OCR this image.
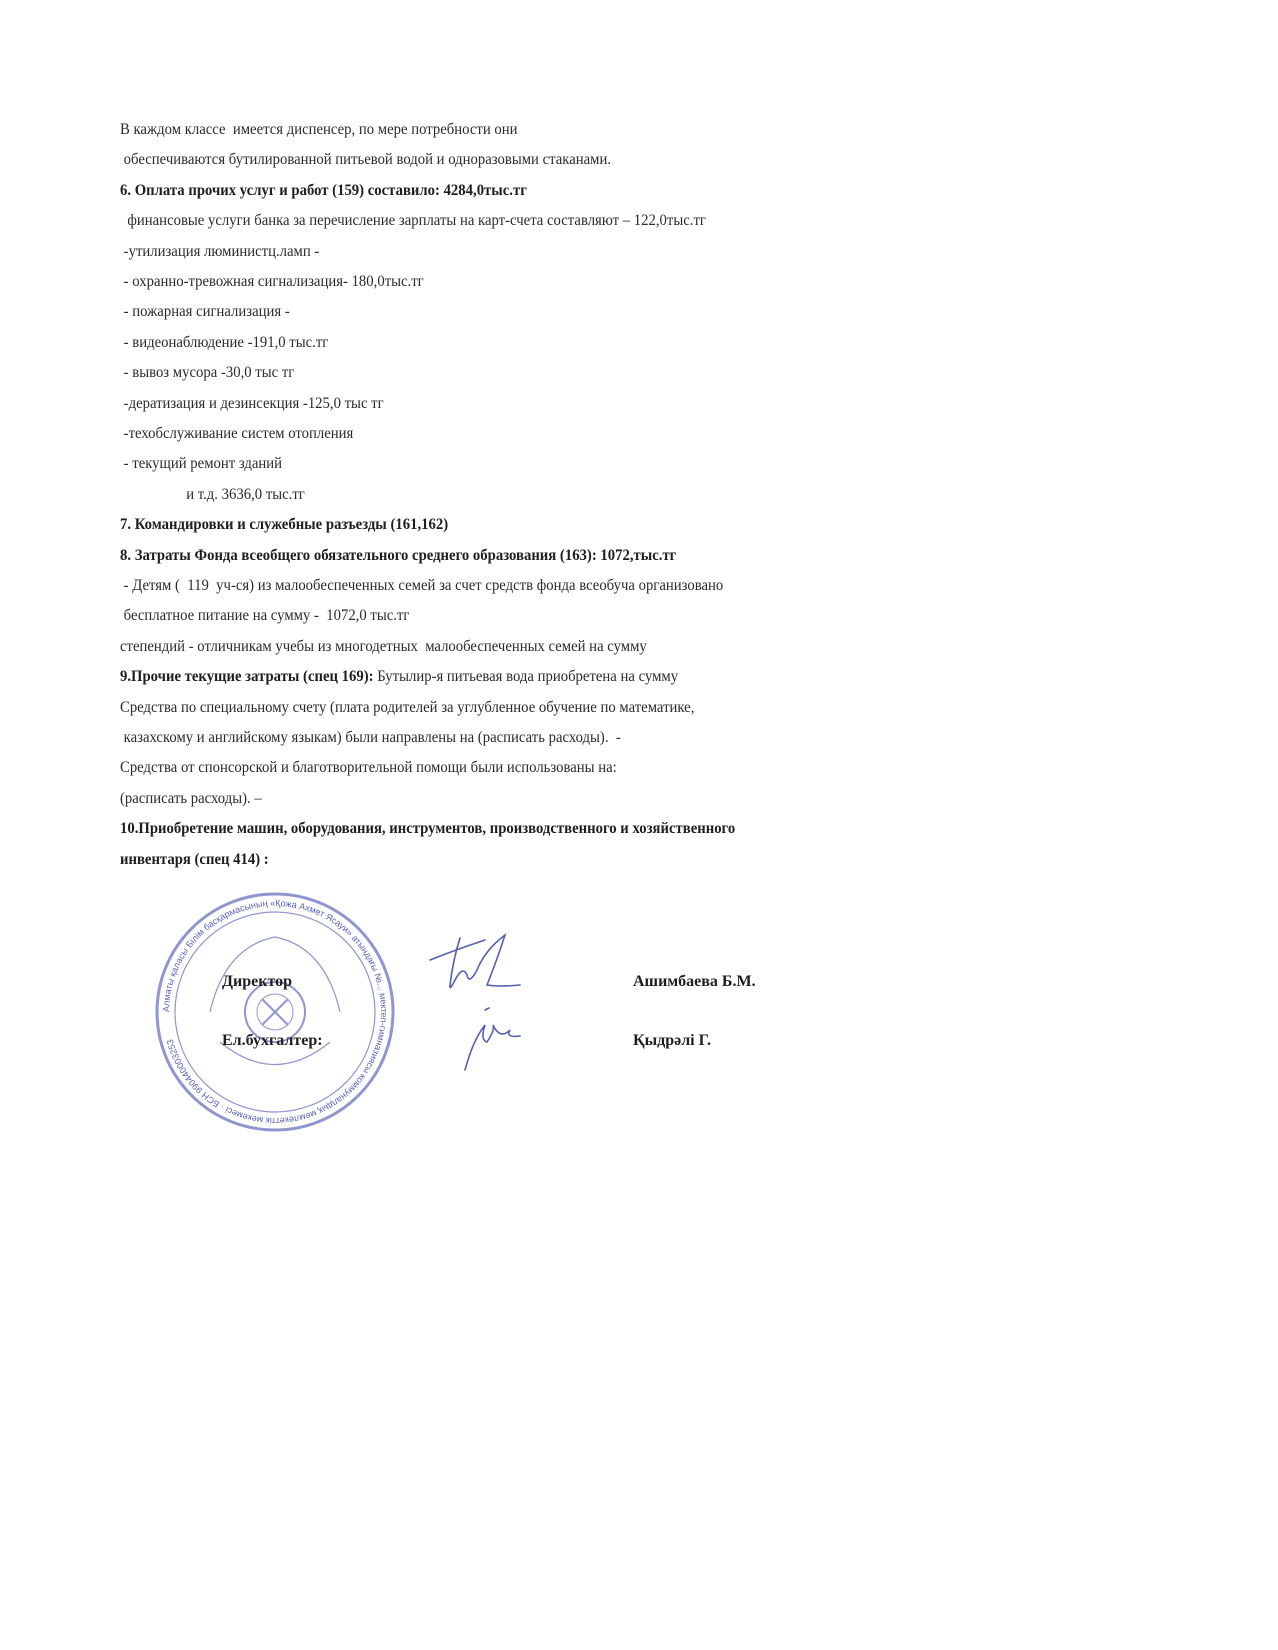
В каждом классе  имеется диспенсер, по мере потребности они
обеспечиваются бутилированной питьевой водой и одноразовыми стаканами.
6. Оплата прочих услуг и работ (159) составило: 4284,0тыс.тг
финансовые услуги банка за перечисление зарплаты на карт-счета составляют – 122,0тыс.тг
-утилизация люминистц.ламп -
- охранно-тревожная сигнализация- 180,0тыс.тг
- пожарная сигнализация -
- видеонаблюдение -191,0 тыс.тг
- вывоз мусора -30,0 тыс тг
-дератизация и дезинсекция -125,0 тыс тг
-техобслуживание систем отопления
- текущий ремонт зданий
и т.д. 3636,0 тыс.тг
7. Командировки и служебные разъезды (161,162)
8. Затраты Фонда всеобщего обязательного среднего образования (163): 1072,тыс.тг
- Детям (  119  уч-ся) из малообеспеченных семей за счет средств фонда всеобуча организовано
бесплатное питание на сумму -  1072,0 тыс.тг
степендий - отличникам учебы из многодетных  малообеспеченных семей на сумму
9.Прочие текущие затраты (спец 169): Бутылир-я питьевая вода приобретена на сумму
Средства по специальному счету (плата родителей за углубленное обучение по математике,
казахскому и английскому языкам) были направлены на (расписать расходы).  -
Средства от спонсорской и благотворительной помощи были использованы на:
(расписать расходы). –
10.Приобретение машин, оборудования, инструментов, производственного и хозяйственного
инвентаря (спец 414) :
Алматы қаласы Білім басқармасының «Қожа Ахмет Ясауи» атындағы №... мектеп-гимназиясы коммуналдық мемлекеттік мекемесі · БСН 990440003253
Директор	Ашимбаева Б.М.
Ел.бухгалтер:	Қыдрәлі Г.
